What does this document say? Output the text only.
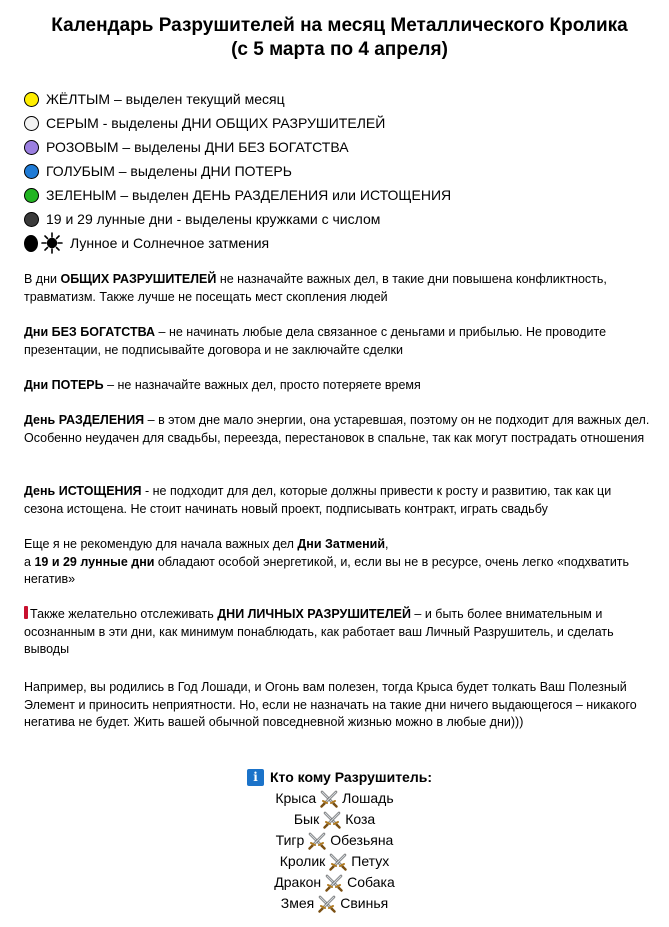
Календарь Разрушителей на месяц Металлического Кролика
(с 5 марта по 4 апреля)
ЖЁЛТЫМ – выделен текущий месяц
СЕРЫМ - выделены ДНИ ОБЩИХ РАЗРУШИТЕЛЕЙ
РОЗОВЫМ – выделены ДНИ БЕЗ БОГАТСТВА
ГОЛУБЫМ – выделены ДНИ ПОТЕРЬ
ЗЕЛЕНЫМ – выделен ДЕНЬ РАЗДЕЛЕНИЯ или ИСТОЩЕНИЯ
19 и 29 лунные дни - выделены кружками с числом
Лунное и Солнечное затмения
В дни ОБЩИХ РАЗРУШИТЕЛЕЙ не назначайте важных дел, в такие дни повышена конфликтность, травматизм. Также лучше не посещать мест скопления людей
Дни БЕЗ БОГАТСТВА – не начинать любые дела связанное с деньгами и прибылью. Не проводите презентации, не подписывайте договора и не заключайте сделки
Дни ПОТЕРЬ – не назначайте важных дел, просто потеряете время
День РАЗДЕЛЕНИЯ – в этом дне мало энергии, она устаревшая, поэтому он не подходит для важных дел. Особенно неудачен для свадьбы, переезда, перестановок в спальне, так как могут пострадать отношения
День ИСТОЩЕНИЯ - не подходит для дел, которые должны привести к росту и развитию, так как ци сезона истощена. Не стоит начинать новый проект, подписывать контракт, играть свадьбу
Еще я не рекомендую для начала важных дел Дни Затмений,
а 19 и 29 лунные дни обладают особой энергетикой, и, если вы не в ресурсе, очень легко «подхватить негатив»
Также желательно отслеживать ДНИ ЛИЧНЫХ РАЗРУШИТЕЛЕЙ – и быть более внимательным и осознанным в эти дни, как минимум понаблюдать, как работает ваш Личный Разрушитель, и сделать выводы
Например, вы родились в Год Лошади, и Огонь вам полезен, тогда Крыса будет толкать Ваш Полезный Элемент и приносить неприятности. Но, если не назначать на такие дни ничего выдающегося – никакого негатива не будет. Жить вашей обычной повседневной жизнью можно в любые дни)))
i Кто кому Разрушитель:
Крыса Лошадь
Бык Коза
Тигр Обезьяна
Кролик Петух
Дракон Собака
Змея Свинья
